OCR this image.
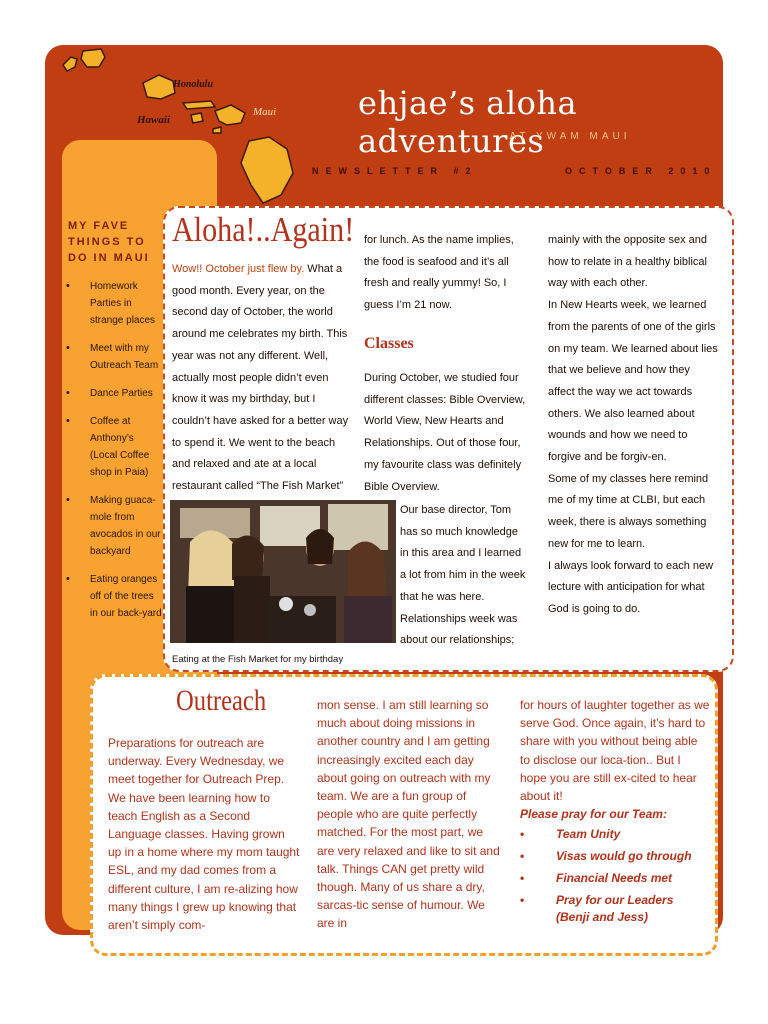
Honolulu
Maui
Hawaii	ehjae’s aloha adventures
AT YWAM MAUI
NEWSLETTER #2	OCTOBER 2010
MY FAVE THINGS TO DO IN MAUI
• Homework Parties in strange places
• Meet with my Outreach Team
• Dance Parties
• Coffee at Anthony’s (Local Coffee shop in Paia)
• Making guaca-mole from avocados in our backyard
• Eating oranges off of the trees in our back-yard
Aloha!..Again!
Wow!! October just flew by. What a good month. Every year, on the second day of October, the world around me celebrates my birth. This year was not any different. Well, actually most people didn’t even know it was my birthday, but I couldn’t have asked for a better way to spend it. We went to the beach and relaxed and ate at a local restaurant called “The Fish Market”
for lunch. As the name implies, the food is seafood and it’s all fresh and really yummy! So, I guess I’m 21 now.
Classes
During October, we studied four different classes: Bible Overview, World View, New Hearts and Relationships. Out of those four, my favourite class was definitely Bible Overview.
Our base director, Tom has so much knowledge in this area and I learned a lot from him in the week that he was here. Relationships week was about our relationships;

mainly with the opposite sex and how to relate in a healthy biblical way with each other.

In New Hearts week, we learned from the parents of one of the girls on my team. We learned about lies that we believe and how they affect the way we act towards others. We also learned about wounds and how we need to forgive and be forgiv-en.

Some of my classes here remind me of my time at CLBI, but each week, there is always something new for me to learn.

I always look forward to each new lecture with anticipation for what God is going to do.

Eating at the Fish Market for my birthday
Outreach
Preparations for outreach are underway. Every Wednesday, we meet together for Outreach Prep. We have been learning how to teach English as a Second Language classes. Having grown up in a home where my mom taught ESL, and my dad comes from a different culture, I am re-alizing how many things I grew up knowing that aren’t simply com-
mon sense. I am still learning so much about doing missions in another country and I am getting increasingly excited each day about going on outreach with my team. We are a fun group of people who are quite perfectly matched. For the most part, we are very relaxed and like to sit and talk. Things CAN get pretty wild though. Many of us share a dry, sarcas-tic sense of humour. We are in

for hours of laughter together as we serve God. Once again, it’s hard to share with you without being able to disclose our loca-tion.. But I hope you are still ex-cited to hear about it!

Please pray for our Team:

• Team Unity
• Visas would go through
• Financial Needs met
• Pray for our Leaders (Benji and Jess)
